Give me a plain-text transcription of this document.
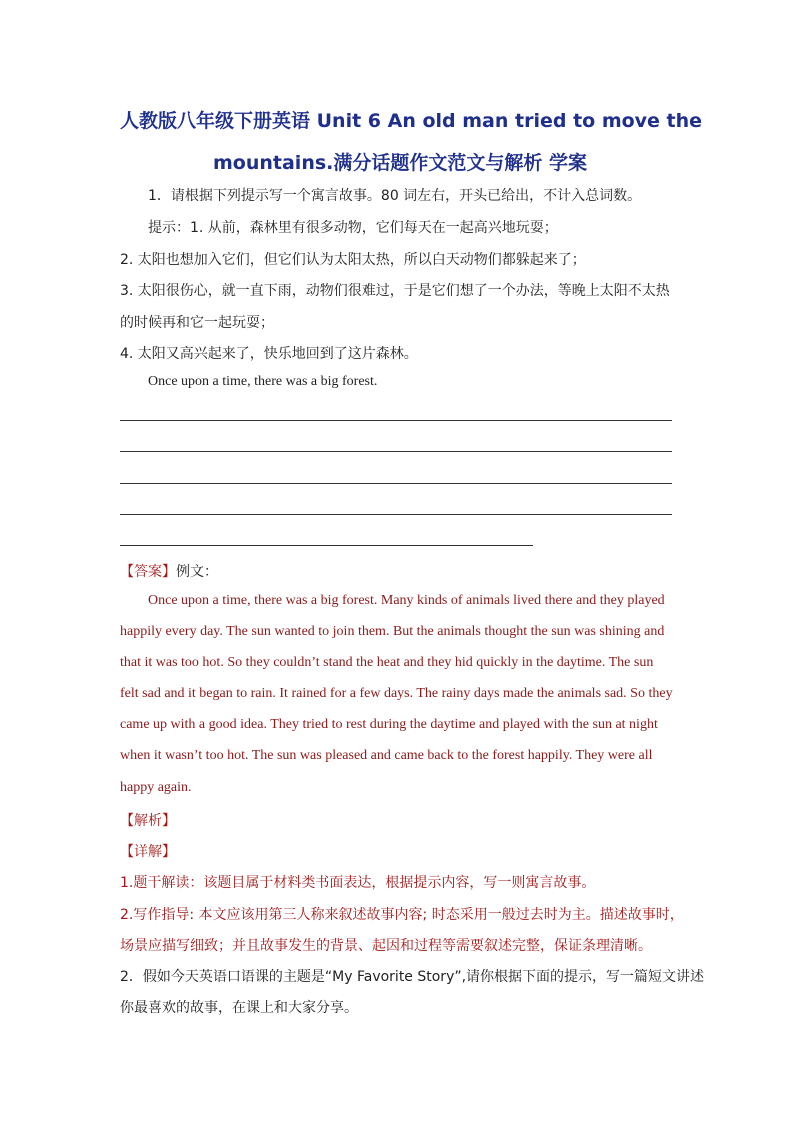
人教版八年级下册英语 Unit 6 An old man tried to move the
mountains.满分话题作文范文与解析 学案
1．请根据下列提示写一个寓言故事。80 词左右，开头已给出，不计入总词数。
提示：1. 从前，森林里有很多动物，它们每天在一起高兴地玩耍；
2. 太阳也想加入它们，但它们认为太阳太热，所以白天动物们都躲起来了；
3. 太阳很伤心，就一直下雨，动物们很难过，于是它们想了一个办法，等晚上太阳不太热
的时候再和它一起玩耍；
4. 太阳又高兴起来了，快乐地回到了这片森林。
Once upon a time, there was a big forest.
【答案】例文：
Once upon a time, there was a big forest. Many kinds of animals lived there and they played
happily every day. The sun wanted to join them. But the animals thought the sun was shining and
that it was too hot. So they couldn’t stand the heat and they hid quickly in the daytime. The sun
felt sad and it began to rain. It rained for a few days. The rainy days made the animals sad. So they
came up with a good idea. They tried to rest during the daytime and played with the sun at night
when it wasn’t too hot. The sun was pleased and came back to the forest happily. They were all
happy again.
【解析】
【详解】
1.题干解读：该题目属于材料类书面表达，根据提示内容，写一则寓言故事。
2.写作指导: 本文应该用第三人称来叙述故事内容; 时态采用一般过去时为主。描述故事时，
场景应描写细致；并且故事发生的背景、起因和过程等需要叙述完整，保证条理清晰。
2．假如今天英语口语课的主题是“My Favorite Story”,请你根据下面的提示，写一篇短文讲述
你最喜欢的故事，在课上和大家分享。
